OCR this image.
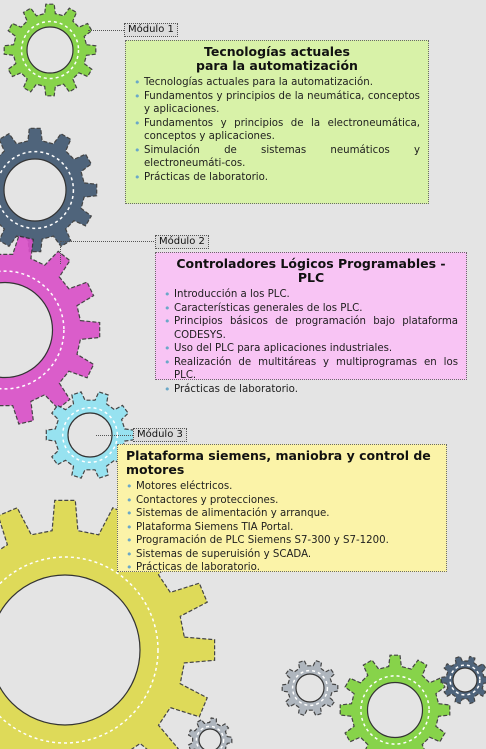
Módulo 1
Tecnologías actuales
para la automatización
• Tecnologías actuales para la automatización.
• Fundamentos y principios de la neumática, conceptos y aplicaciones.
• Fundamentos y principios de la electroneumática, conceptos y aplicaciones.
• Simulación de sistemas neumáticos y electroneumáti-cos.
• Prácticas de laboratorio.
Módulo 2
Controladores Lógicos Programables - PLC
• Introducción a los PLC.
• Características generales de los PLC.
• Principios básicos de programación bajo plataforma CODESYS.
• Uso del PLC para aplicaciones industriales.
• Realización de multitáreas y multiprogramas en los PLC.
• Prácticas de laboratorio.
Módulo 3
Plataforma siemens, maniobra y control de motores
• Motores eléctricos.
• Contactores y protecciones.
• Sistemas de alimentación y arranque.
• Plataforma Siemens TIA Portal.
• Programación de PLC Siemens S7-300 y S7-1200.
• Sistemas de superuisión y SCADA.
• Prácticas de laboratorio.
